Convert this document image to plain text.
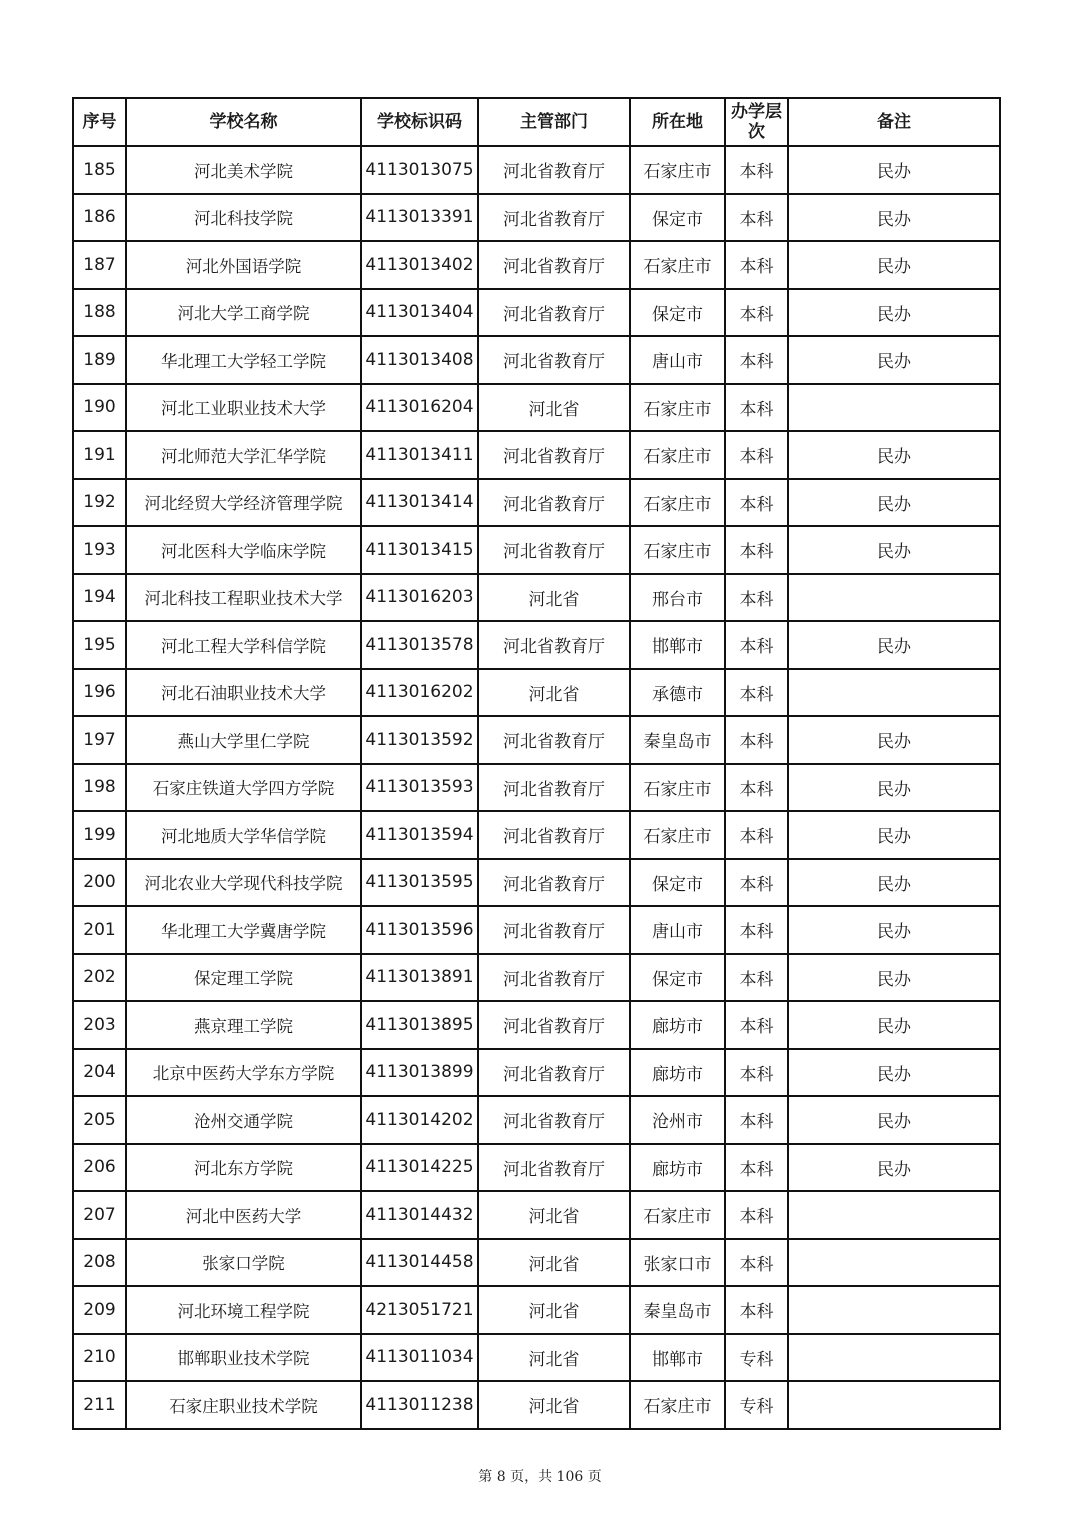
序号	学校名称	学校标识码	主管部门	所在地	办学层次	备注
185	河北美术学院	4113013075	河北省教育厅	石家庄市	本科	民办
186	河北科技学院	4113013391	河北省教育厅	保定市	本科	民办
187	河北外国语学院	4113013402	河北省教育厅	石家庄市	本科	民办
188	河北大学工商学院	4113013404	河北省教育厅	保定市	本科	民办
189	华北理工大学轻工学院	4113013408	河北省教育厅	唐山市	本科	民办
190	河北工业职业技术大学	4113016204	河北省	石家庄市	本科	
191	河北师范大学汇华学院	4113013411	河北省教育厅	石家庄市	本科	民办
192	河北经贸大学经济管理学院	4113013414	河北省教育厅	石家庄市	本科	民办
193	河北医科大学临床学院	4113013415	河北省教育厅	石家庄市	本科	民办
194	河北科技工程职业技术大学	4113016203	河北省	邢台市	本科	
195	河北工程大学科信学院	4113013578	河北省教育厅	邯郸市	本科	民办
196	河北石油职业技术大学	4113016202	河北省	承德市	本科	
197	燕山大学里仁学院	4113013592	河北省教育厅	秦皇岛市	本科	民办
198	石家庄铁道大学四方学院	4113013593	河北省教育厅	石家庄市	本科	民办
199	河北地质大学华信学院	4113013594	河北省教育厅	石家庄市	本科	民办
200	河北农业大学现代科技学院	4113013595	河北省教育厅	保定市	本科	民办
201	华北理工大学冀唐学院	4113013596	河北省教育厅	唐山市	本科	民办
202	保定理工学院	4113013891	河北省教育厅	保定市	本科	民办
203	燕京理工学院	4113013895	河北省教育厅	廊坊市	本科	民办
204	北京中医药大学东方学院	4113013899	河北省教育厅	廊坊市	本科	民办
205	沧州交通学院	4113014202	河北省教育厅	沧州市	本科	民办
206	河北东方学院	4113014225	河北省教育厅	廊坊市	本科	民办
207	河北中医药大学	4113014432	河北省	石家庄市	本科	
208	张家口学院	4113014458	河北省	张家口市	本科	
209	河北环境工程学院	4213051721	河北省	秦皇岛市	本科	
210	邯郸职业技术学院	4113011034	河北省	邯郸市	专科	
211	石家庄职业技术学院	4113011238	河北省	石家庄市	专科	
第 8 页，共 106 页
